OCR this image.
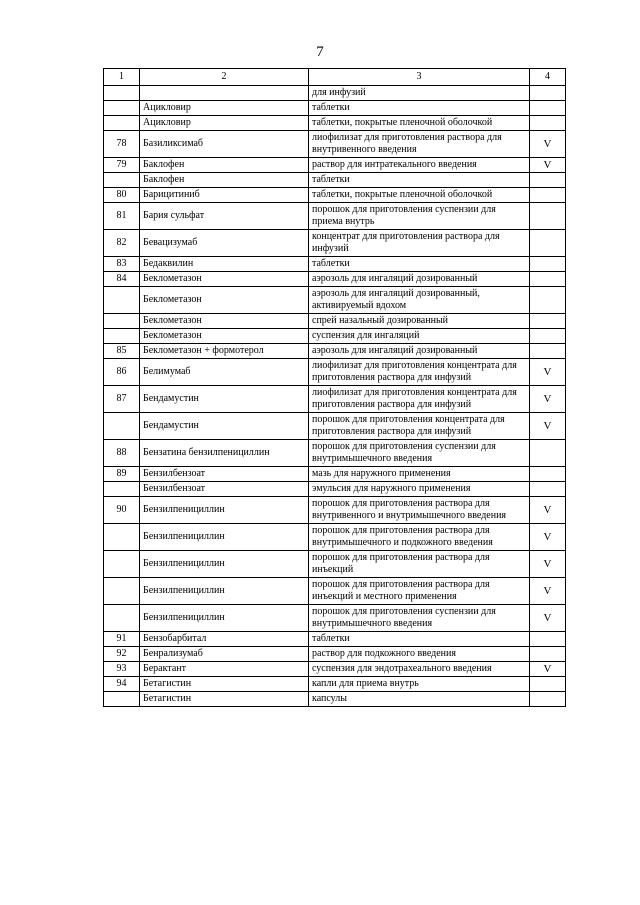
7
1	2	3	4
		для инфузий	
	Ацикловир	таблетки	
	Ацикловир	таблетки, покрытые пленочной оболочкой	
78	Базиликсимаб	лиофилизат для приготовления раствора для внутривенного введения	V
79	Баклофен	раствор для интратекального введения	V
	Баклофен	таблетки	
80	Барицитиниб	таблетки, покрытые пленочной оболочкой	
81	Бария сульфат	порошок для приготовления суспензии для приема внутрь	
82	Бевацизумаб	концентрат для приготовления раствора для инфузий	
83	Бедаквилин	таблетки	
84	Беклометазон	аэрозоль для ингаляций дозированный	
	Беклометазон	аэрозоль для ингаляций дозированный, активируемый вдохом	
	Беклометазон	спрей назальный дозированный	
	Беклометазон	суспензия для ингаляций	
85	Беклометазон + формотерол	аэрозоль для ингаляций дозированный	
86	Белимумаб	лиофилизат для приготовления концентрата для приготовления раствора для инфузий	V
87	Бендамустин	лиофилизат для приготовления концентрата для приготовления раствора для инфузий	V
	Бендамустин	порошок для приготовления концентрата для приготовления раствора для инфузий	V
88	Бензатина бензилпенициллин	порошок для приготовления суспензии для внутримышечного введения	
89	Бензилбензоат	мазь для наружного применения	
	Бензилбензоат	эмульсия для наружного применения	
90	Бензилпенициллин	порошок для приготовления раствора для внутривенного и внутримышечного введения	V
	Бензилпенициллин	порошок для приготовления раствора для внутримышечного и подкожного введения	V
	Бензилпенициллин	порошок для приготовления раствора для инъекций	V
	Бензилпенициллин	порошок для приготовления раствора для инъекций и местного применения	V
	Бензилпенициллин	порошок для приготовления суспензии для внутримышечного введения	V
91	Бензобарбитал	таблетки	
92	Бенрализумаб	раствор для подкожного введения	
93	Берактант	суспензия для эндотрахеального введения	V
94	Бетагистин	капли для приема внутрь	
	Бетагистин	капсулы	
